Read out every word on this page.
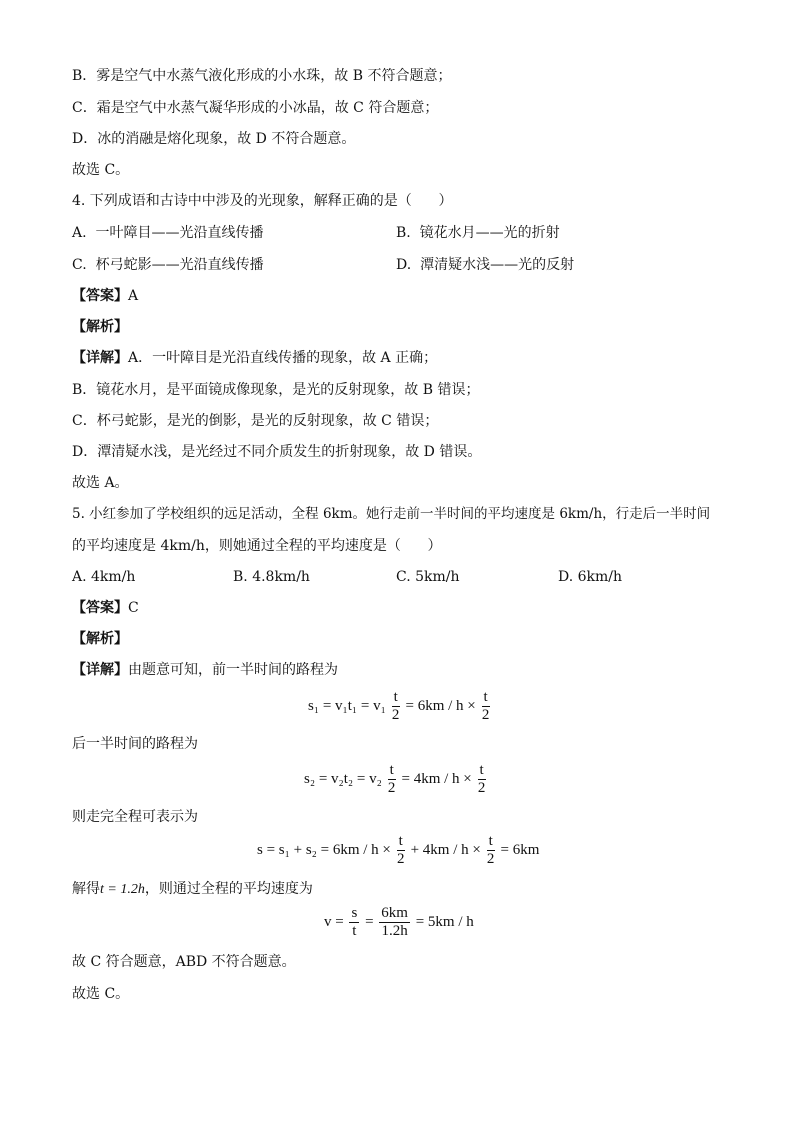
B．雾是空气中水蒸气液化形成的小水珠，故 B 不符合题意；
C．霜是空气中水蒸气凝华形成的小冰晶，故 C 符合题意；
D．冰的消融是熔化现象，故 D 不符合题意。
故选 C。
4. 下列成语和古诗中中涉及的光现象，解释正确的是（      ）
A.  一叶障目——光沿直线传播	B.  镜花水月——光的折射
C.  杯弓蛇影——光沿直线传播	D.  潭清疑水浅——光的反射
【答案】A
【解析】
【详解】A．一叶障目是光沿直线传播的现象，故 A 正确；
B．镜花水月，是平面镜成像现象，是光的反射现象，故 B 错误；
C．杯弓蛇影，是光的倒影，是光的反射现象，故 C 错误；
D．潭清疑水浅，是光经过不同介质发生的折射现象，故 D 错误。
故选 A。
5. 小红参加了学校组织的远足活动，全程 6km。她行走前一半时间的平均速度是 6km/h，行走后一半时间
的平均速度是 4km/h，则她通过全程的平均速度是（      ）
A. 4km/h	B. 4.8km/h	C. 5km/h	D. 6km/h
【答案】C
【解析】
【详解】由题意可知，前一半时间的路程为
$s_1 = v_1t_1 = v_1 \frac{t}{2} = 6km / h \times \frac{t}{2}$
后一半时间的路程为
$s_2 = v_2t_2 = v_2 \frac{t}{2} = 4km / h \times \frac{t}{2}$
则走完全程可表示为
$s = s_1 + s_2 = 6km / h \times \frac{t}{2} + 4km / h \times \frac{t}{2} = 6km$
解得t = 1.2h，则通过全程的平均速度为
$v = \frac{s}{t} = \frac{6km}{1.2h} = 5km / h$
故 C 符合题意，ABD 不符合题意。
故选 C。
